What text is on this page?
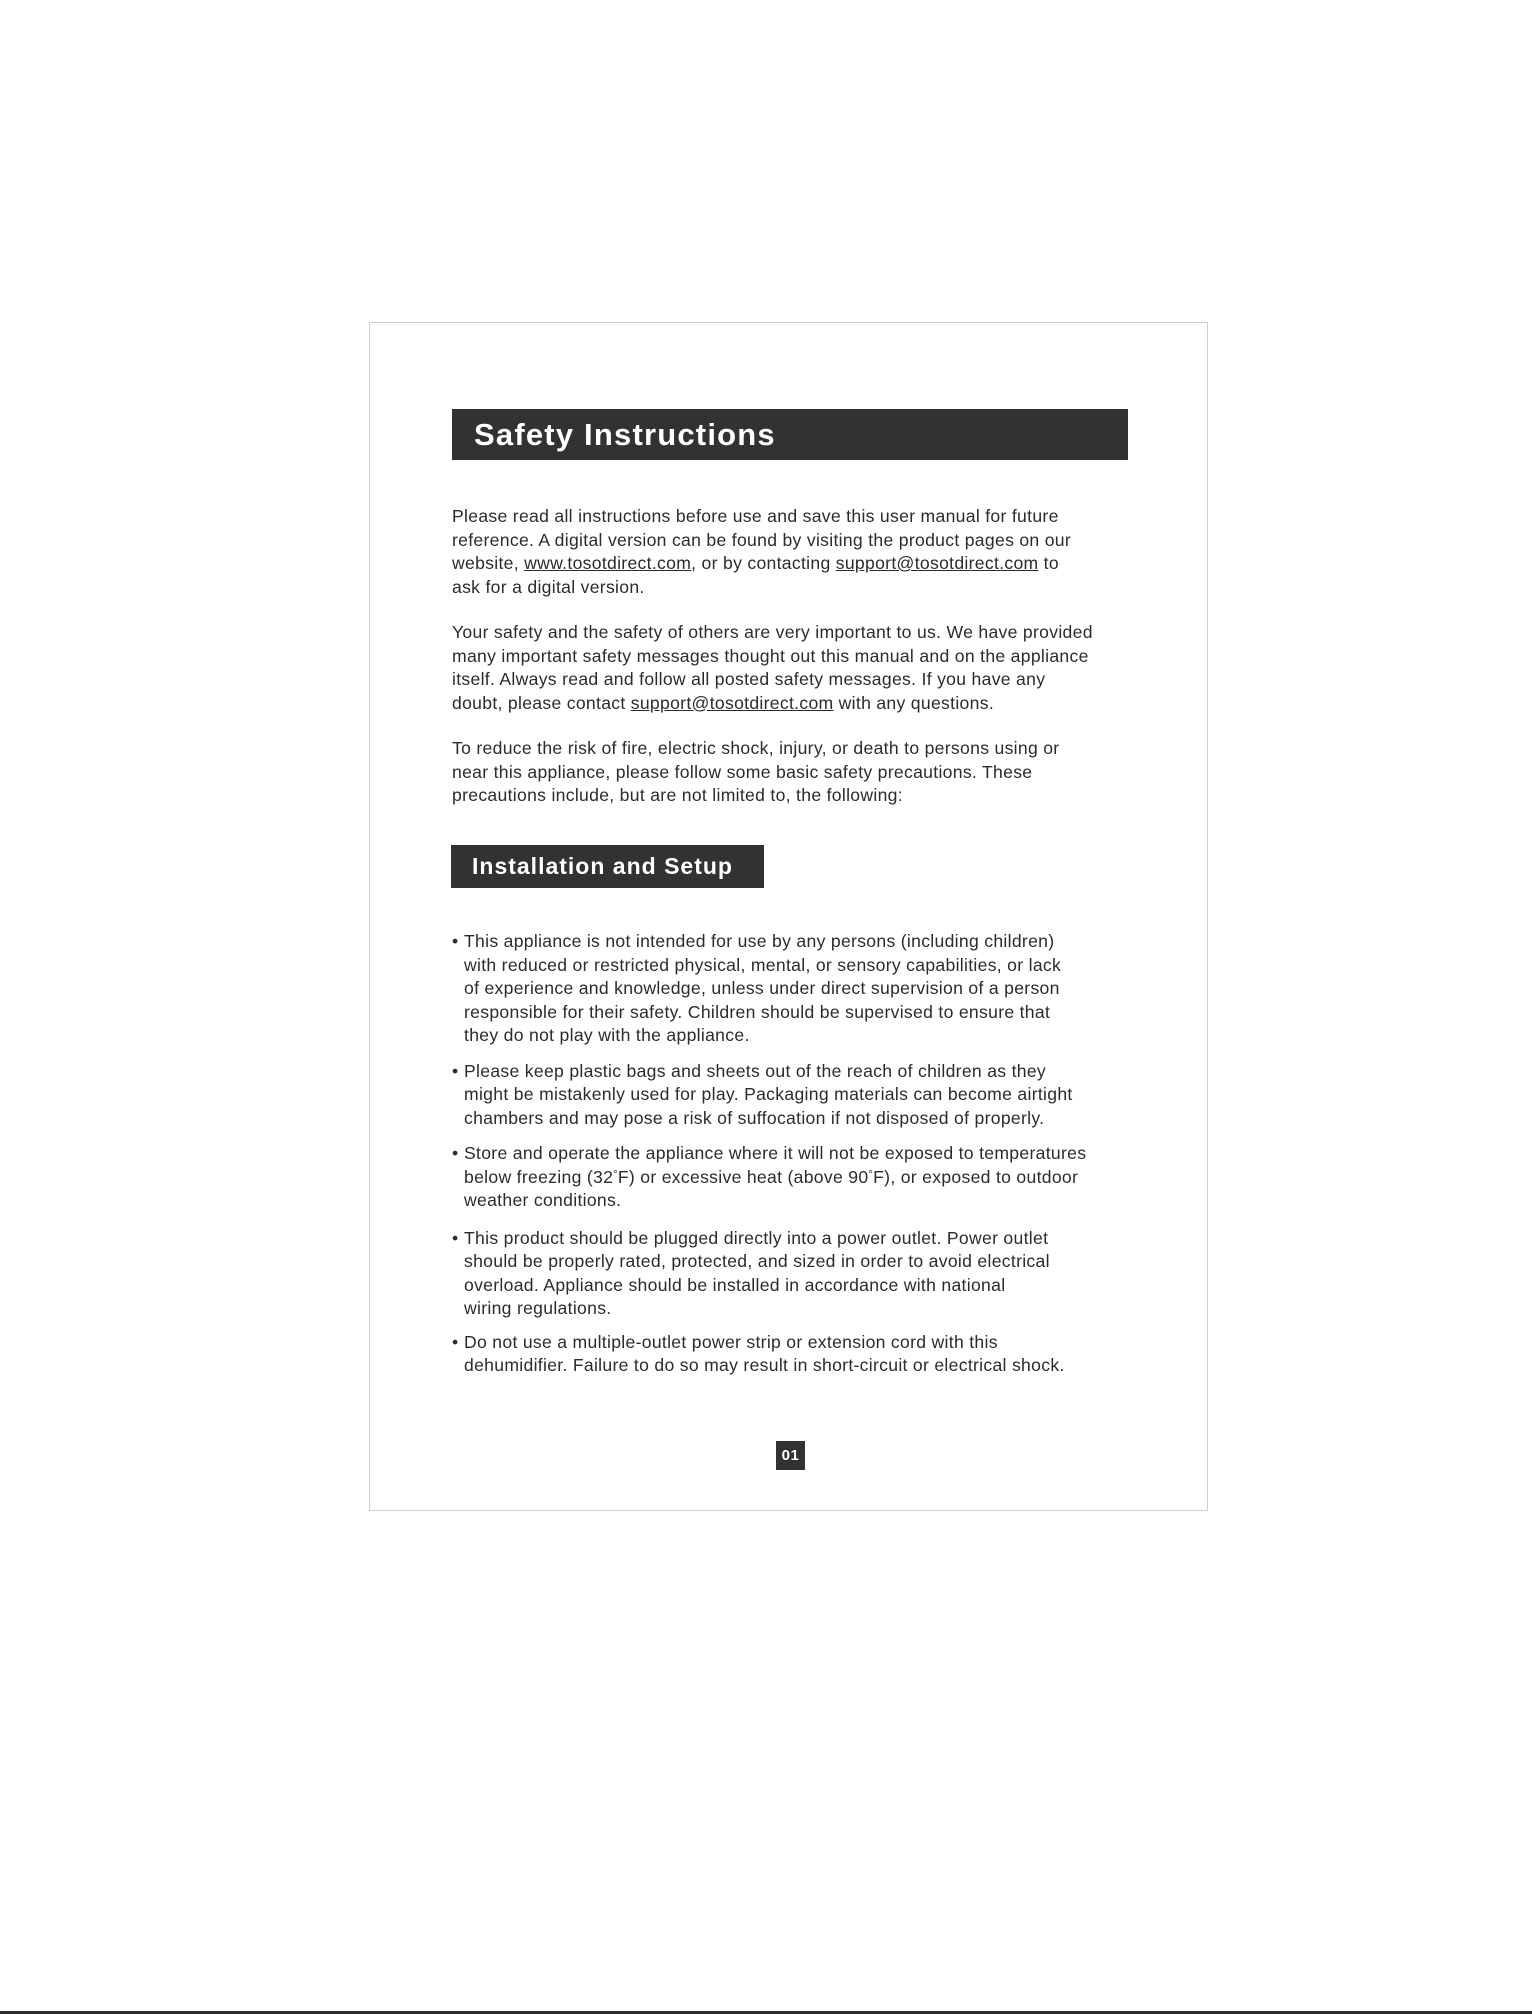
Safety Instructions

Please read all instructions before use and save this user manual for future
reference. A digital version can be found by visiting the product pages on our
website, www.tosotdirect.com, or by contacting support@tosotdirect.com to
ask for a digital version.

Your safety and the safety of others are very important to us. We have provided
many important safety messages thought out this manual and on the appliance
itself. Always read and follow all posted safety messages. If you have any
doubt, please contact support@tosotdirect.com with any questions.

To reduce the risk of fire, electric shock, injury, or death to persons using or
near this appliance, please follow some basic safety precautions. These
precautions include, but are not limited to, the following:

Installation and Setup
• This appliance is not intended for use by any persons (including children)
with reduced or restricted physical, mental, or sensory capabilities, or lack
of experience and knowledge, unless under direct supervision of a person
responsible for their safety. Children should be supervised to ensure that
they do not play with the appliance.
• Please keep plastic bags and sheets out of the reach of children as they
might be mistakenly used for play. Packaging materials can become airtight
chambers and may pose a risk of suffocation if not disposed of properly.
• Store and operate the appliance where it will not be exposed to temperatures
below freezing (32°F) or excessive heat (above 90°F), or exposed to outdoor
weather conditions.
• This product should be plugged directly into a power outlet. Power outlet
should be properly rated, protected, and sized in order to avoid electrical
overload. Appliance should be installed in accordance with national
wiring regulations.
• Do not use a multiple-outlet power strip or extension cord with this
dehumidifier. Failure to do so may result in short-circuit or electrical shock.
01
